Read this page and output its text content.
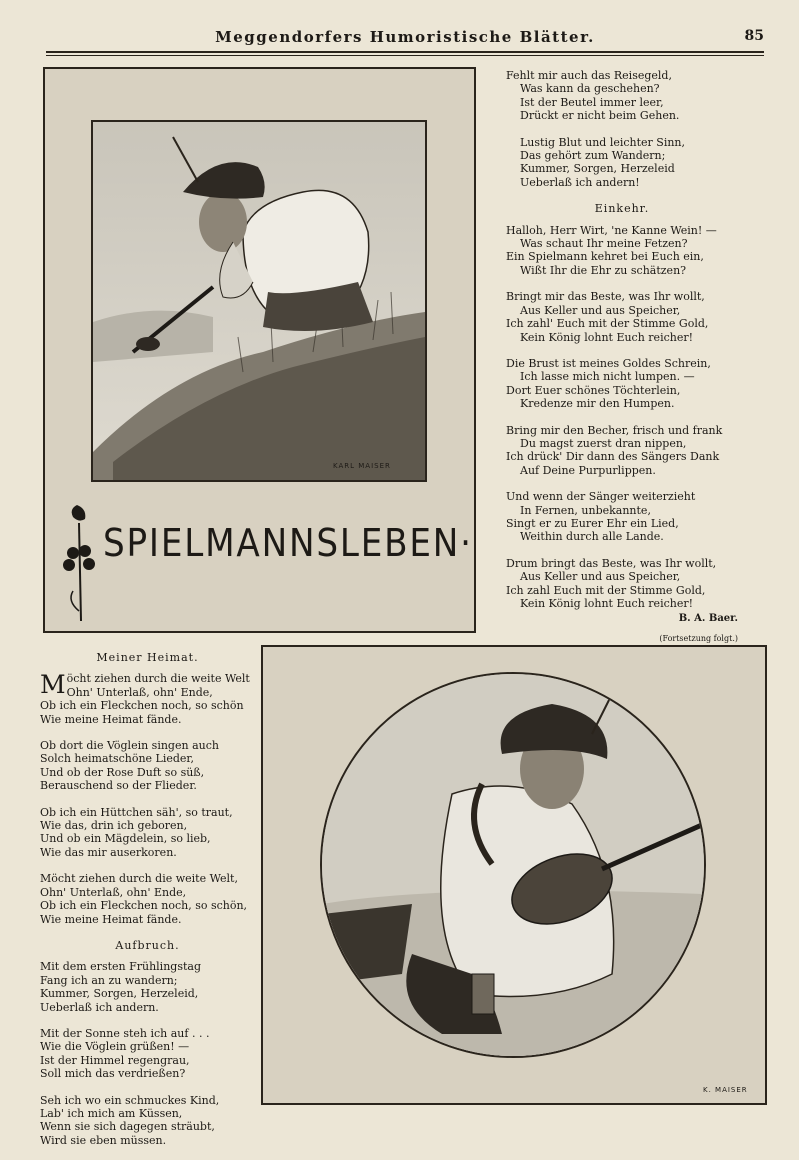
Meggendorfers Humoristische Blätter.	85
KARL MAISER
SPIELMANNSLEBEN·

Fehlt mir auch das Reisegeld,
Was kann da geschehen?
Ist der Beutel immer leer,
Drückt er nicht beim Gehen.

Lustig Blut und leichter Sinn,
Das gehört zum Wandern;
Kummer, Sorgen, Herzeleid
Ueberlaß ich andern!

Einkehr.

Halloh, Herr Wirt, 'ne Kanne Wein! —
Was schaut Ihr meine Fetzen?
Ein Spielmann kehret bei Euch ein,
Wißt Ihr die Ehr zu schätzen?

Bringt mir das Beste, was Ihr wollt,
Aus Keller und aus Speicher,
Ich zahl' Euch mit der Stimme Gold,
Kein König lohnt Euch reicher!

Die Brust ist meines Goldes Schrein,
Ich lasse mich nicht lumpen. —
Dort Euer schönes Töchterlein,
Kredenze mir den Humpen.

Bring mir den Becher, frisch und frank
Du magst zuerst dran nippen,
Ich drück' Dir dann des Sängers Dank
Auf Deine Purpurlippen.

Und wenn der Sänger weiterzieht
In Fernen, unbekannte,
Singt er zu Eurer Ehr ein Lied,
Weithin durch alle Lande.

Drum bringt das Beste, was Ihr wollt,
Aus Keller und aus Speicher,
Ich zahl Euch mit der Stimme Gold,
Kein König lohnt Euch reicher!

B. A. Baer.
(Fortsetzung folgt.)
Meiner Heimat.

M öcht ziehen durch die weite Welt
Ohn' Unterlaß, ohn' Ende,
Ob ich ein Fleckchen noch, so schön
Wie meine Heimat fände.

Ob dort die Vöglein singen auch
Solch heimatschöne Lieder,
Und ob der Rose Duft so süß,
Berauschend so der Flieder.

Ob ich ein Hüttchen säh', so traut,
Wie das, drin ich geboren,
Und ob ein Mägdelein, so lieb,
Wie das mir auserkoren.

Möcht ziehen durch die weite Welt,
Ohn' Unterlaß, ohn' Ende,
Ob ich ein Fleckchen noch, so schön,
Wie meine Heimat fände.

Aufbruch.

Mit dem ersten Frühlingstag
Fang ich an zu wandern;
Kummer, Sorgen, Herzeleid,
Ueberlaß ich andern.

Mit der Sonne steh ich auf . . .
Wie die Vöglein grüßen! —
Ist der Himmel regengrau,
Soll mich das verdrießen?

Seh ich wo ein schmuckes Kind,
Lab' ich mich am Küssen,
Wenn sie sich dagegen sträubt,
Wird sie eben müssen.

K. MAISER
